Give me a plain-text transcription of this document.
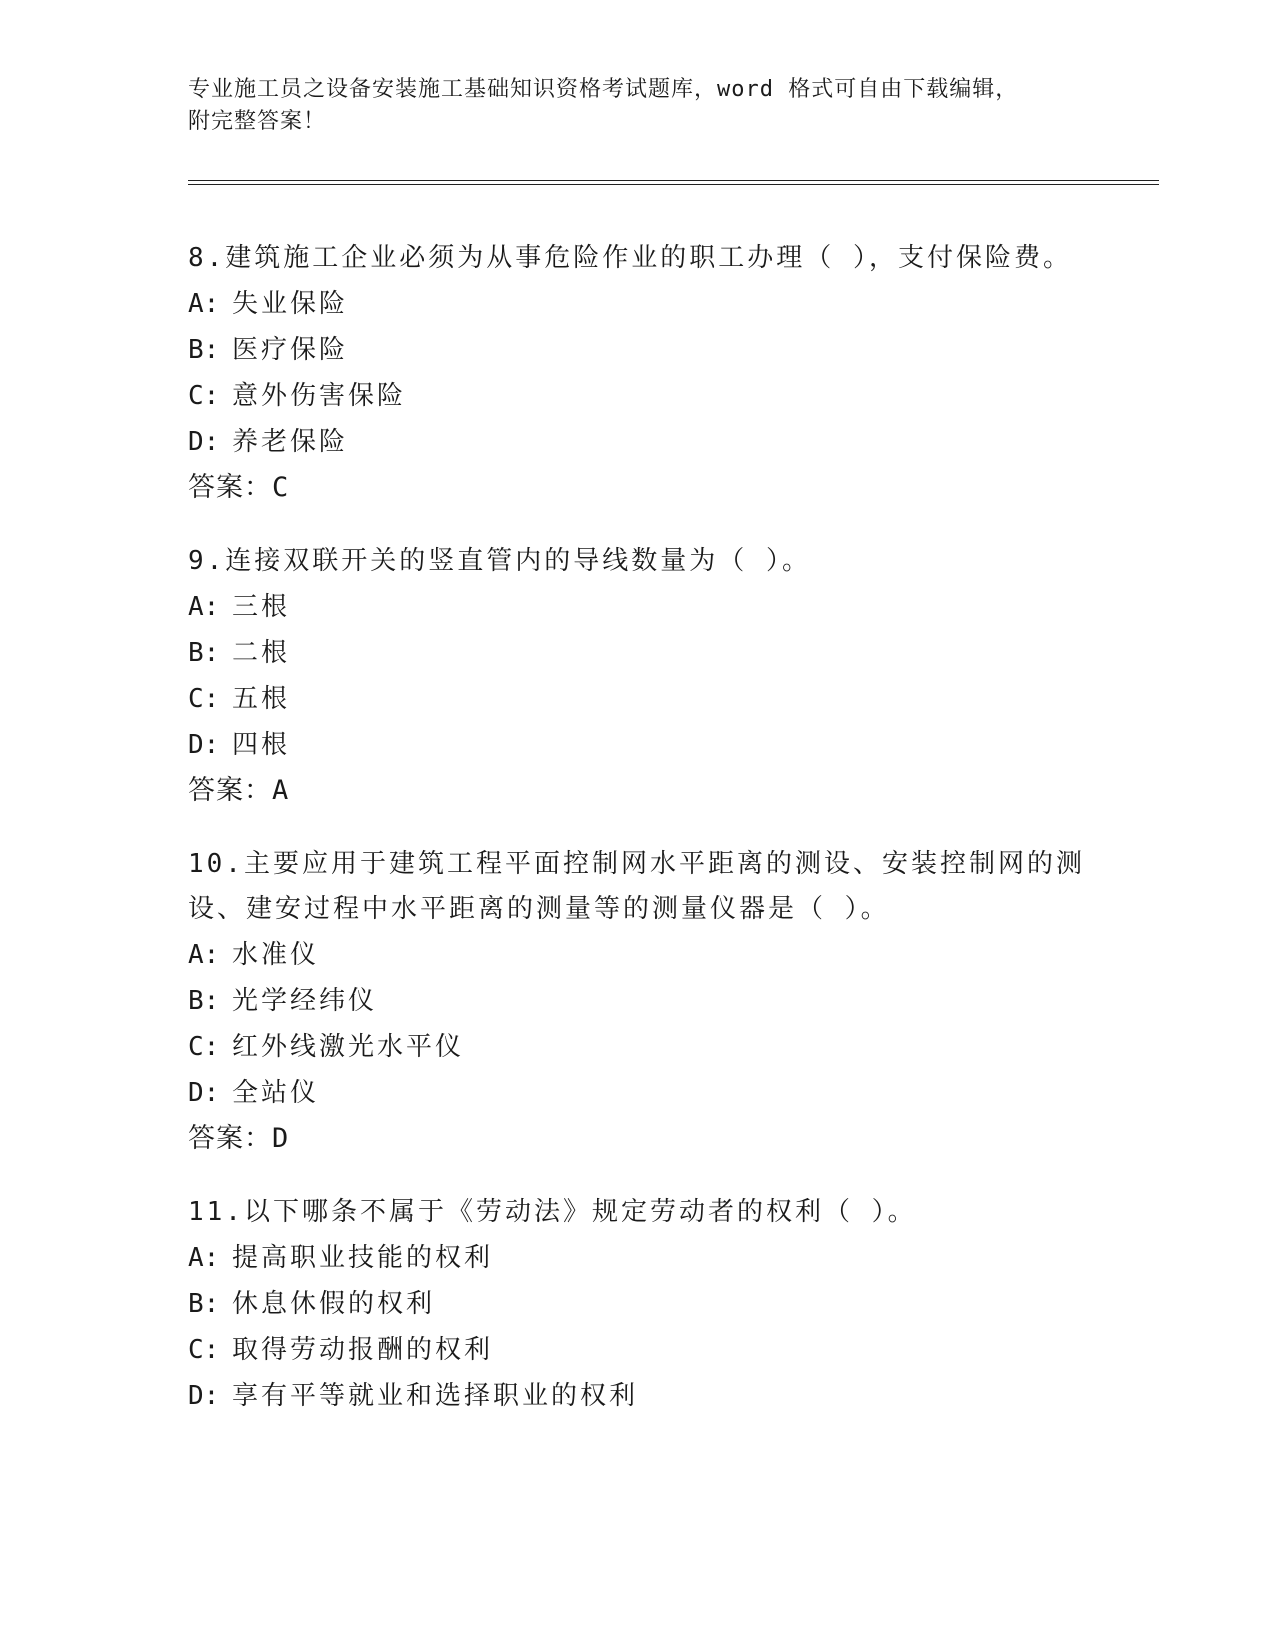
专业施工员之设备安装施工基础知识资格考试题库，word 格式可自由下载编辑，
附完整答案！
8.建筑施工企业必须为从事危险作业的职工办理（ ），支付保险费。
A: 失业保险
B: 医疗保险
C: 意外伤害保险
D: 养老保险
答案：C
9.连接双联开关的竖直管内的导线数量为（ ）。
A: 三根
B: 二根
C: 五根
D: 四根
答案：A
10.主要应用于建筑工程平面控制网水平距离的测设、安装控制网的测
设、建安过程中水平距离的测量等的测量仪器是（ ）。
A: 水准仪
B: 光学经纬仪
C: 红外线激光水平仪
D: 全站仪
答案：D
11.以下哪条不属于《劳动法》规定劳动者的权利（ ）。
A: 提高职业技能的权利
B: 休息休假的权利
C: 取得劳动报酬的权利
D: 享有平等就业和选择职业的权利
